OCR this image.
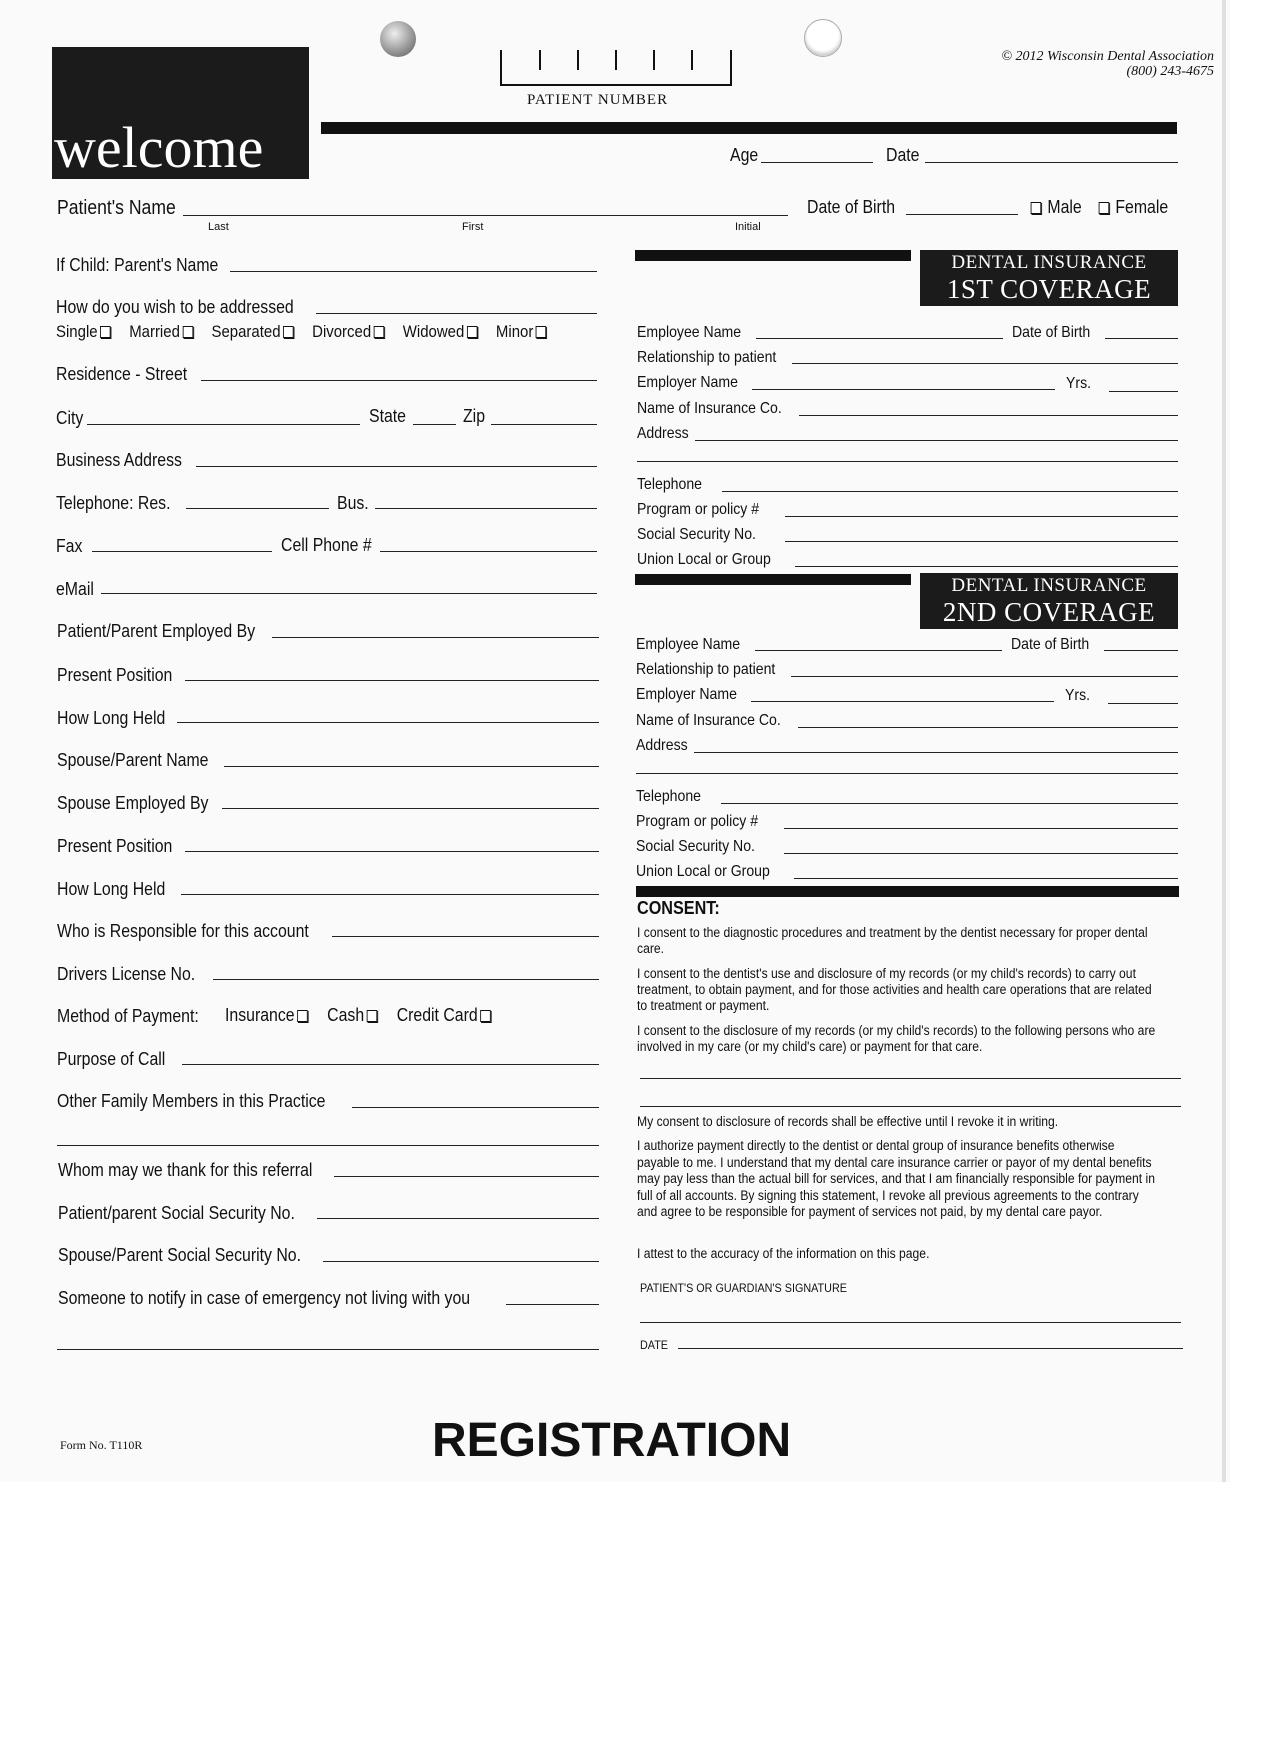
welcome
PATIENT NUMBER
© 2012 Wisconsin Dental Association
(800) 243-4675
Age	Date
Patient's Name
Last	First	Initial
Date of Birth	Male	Female
If Child: Parent's Name
How do you wish to be addressed
Single Married Separated Divorced Widowed Minor
Residence - Street
City	State	Zip
Business Address
Telephone: Res.	Bus.
Fax	Cell Phone #
eMail
Patient/Parent Employed By
Present Position
How Long Held
Spouse/Parent Name
Spouse Employed By
Present Position
How Long Held
Who is Responsible for this account
Drivers License No.
Method of Payment: Insurance Cash Credit Card
Purpose of Call
Other Family Members in this Practice
Whom may we thank for this referral
Patient/parent Social Security No.
Spouse/Parent Social Security No.
Someone to notify in case of emergency not living with you
DENTAL INSURANCE
1ST COVERAGE
Employee Name	Date of Birth
Relationship to patient
Employer Name	Yrs.
Name of Insurance Co.
Address
Telephone
Program or policy #
Social Security No.
Union Local or Group
DENTAL INSURANCE
2ND COVERAGE
Employee Name	Date of Birth
Relationship to patient
Employer Name	Yrs.
Name of Insurance Co.
Address
Telephone
Program or policy #
Social Security No.
Union Local or Group
CONSENT:
I consent to the diagnostic procedures and treatment by the dentist necessary for proper dental care.
I consent to the dentist's use and disclosure of my records (or my child's records) to carry out treatment, to obtain payment, and for those activities and health care operations that are related to treatment or payment.
I consent to the disclosure of my records (or my child's records) to the following persons who are involved in my care (or my child's care) or payment for that care.
My consent to disclosure of records shall be effective until I revoke it in writing.
I authorize payment directly to the dentist or dental group of insurance benefits otherwise payable to me. I understand that my dental care insurance carrier or payor of my dental benefits may pay less than the actual bill for services, and that I am financially responsible for payment in full of all accounts. By signing this statement, I revoke all previous agreements to the contrary and agree to be responsible for payment of services not paid, by my dental care payor.
I attest to the accuracy of the information on this page.
PATIENT'S OR GUARDIAN'S SIGNATURE
DATE
Form No. T110R	REGISTRATION
